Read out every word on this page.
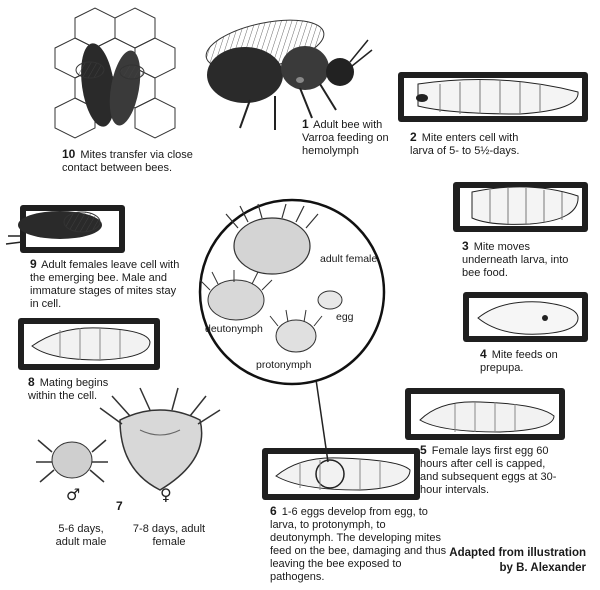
adult female
egg
deutonymph
protonymph
♂	♀
1 Adult bee with Varroa feeding on hemolymph
2 Mite enters cell with larva of 5- to 5½-days.
3 Mite moves underneath larva, into bee food.
4 Mite feeds on prepupa.
5 Female lays first egg 60 hours after cell is capped, and subsequent eggs at 30-hour intervals.
6 1-6 eggs develop from egg, to larva, to protonymph, to deutonymph. The developing mites feed on the bee, damaging and thus leaving the bee exposed to pathogens.
7
5-6 days, adult male
7-8 days, adult female
8 Mating begins within the cell.
9 Adult females leave cell with the emerging bee. Male and immature stages of mites stay in cell.
10 Mites transfer via close contact between bees.
Adapted from illustration
by B. Alexander
